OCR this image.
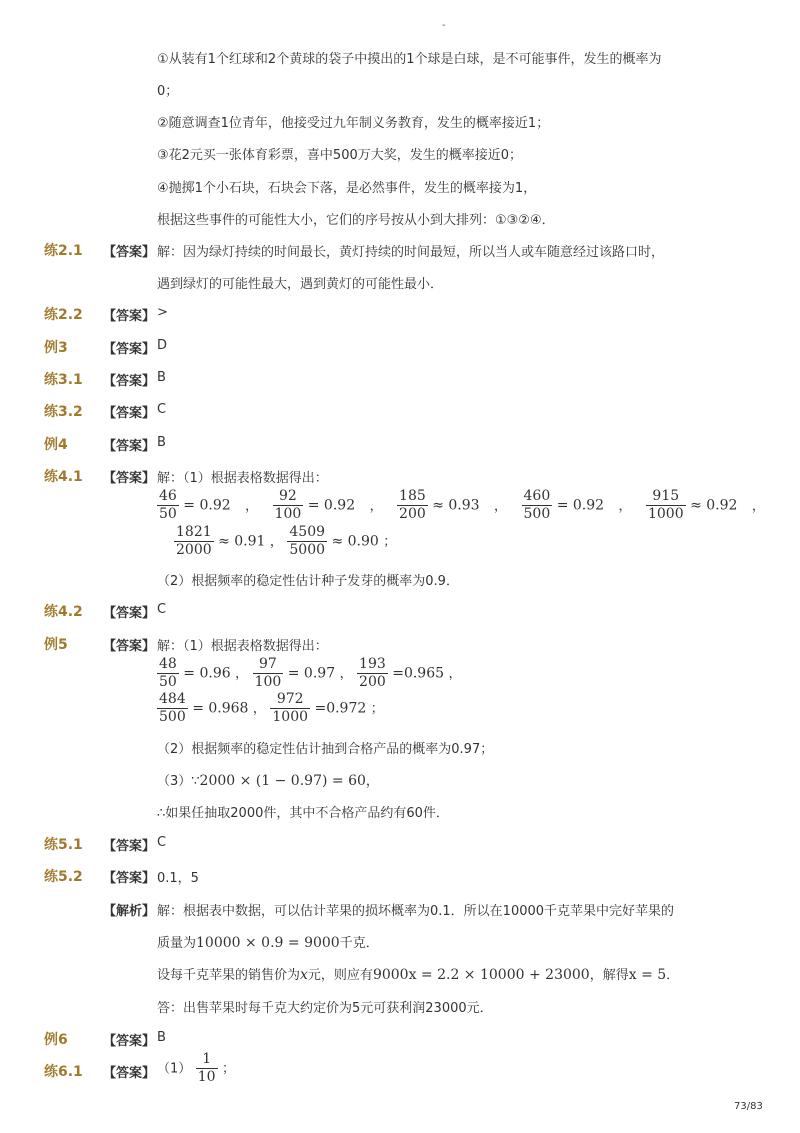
-
①从装有1个红球和2个黄球的袋子中摸出的1个球是白球，是不可能事件，发生的概率为
0；
②随意调查1位青年，他接受过九年制义务教育，发生的概率接近1；
③花2元买一张体育彩票，喜中500万大奖，发生的概率接近0；
④抛掷1个小石块，石块会下落，是必然事件，发生的概率接为1，
根据这些事件的可能性大小，它们的序号按从小到大排列：①③②④．
练2.1 【答案】 解：因为绿灯持续的时间最长，黄灯持续的时间最短，所以当人或车随意经过该路口时，
遇到绿灯的可能性最大，遇到黄灯的可能性最小．
练2.2 【答案】 >
例3	【答案】 D
练3.1 【答案】 B
练3.2 【答案】 C
例4	【答案】 B
练4.1 【答案】 解：（1）根据表格数据得出：
$\frac{46}{50} = 0.92$ ， $\frac{92}{100} = 0.92$ ， $\frac{185}{200} \approx 0.93$ ， $\frac{460}{500} = 0.92$ ， $\frac{915}{1000} \approx 0.92$ ，
$\frac{1821}{2000} \approx 0.91$ ， $\frac{4509}{5000} \approx 0.90$ ；
（2）根据频率的稳定性估计种子发芽的概率为0.9．
练4.2 【答案】 C
例5	【答案】 解：（1）根据表格数据得出：
$\frac{48}{50} = 0.96$ ， $\frac{97}{100} = 0.97$ ， $\frac{193}{200} =0.965$ ，
$\frac{484}{500} = 0.968$ ， $\frac{972}{1000} =0.972$ ；
（2）根据频率的稳定性估计抽到合格产品的概率为0.97；
（3）∵2000 × (1 − 0.97) = 60，
∴如果任抽取2000件，其中不合格产品约有60件．
练5.1 【答案】 C
练5.2 【答案】 0.1，5
【解析】 解：根据表中数据，可以估计苹果的损坏概率为0.1．所以在10000千克苹果中完好苹果的
质量为10000 × 0.9 = 9000千克．
设每千克苹果的销售价为x元，则应有9000x = 2.2 × 10000 + 23000，解得x = 5．
答：出售苹果时每千克大约定价为5元可获利润23000元．
例6	【答案】 B
练6.1 【答案】 $(1) \frac{1}{10}$ ；
73/83
